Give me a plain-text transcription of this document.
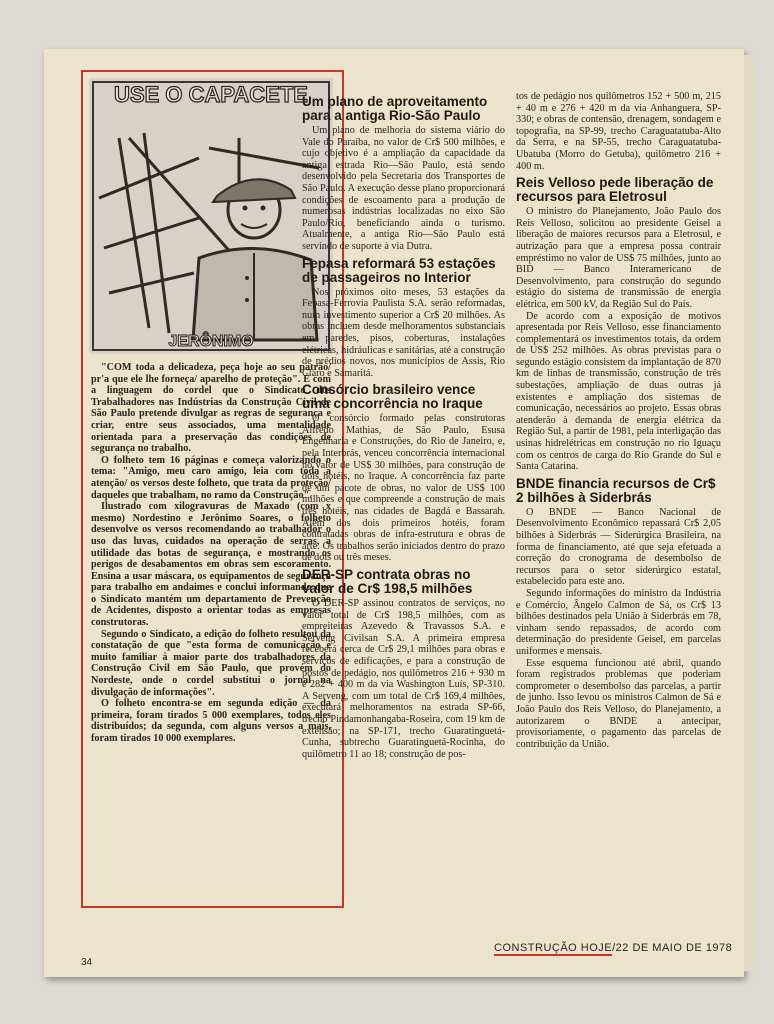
USE O CAPACETE
JERÔNIMO

"COM toda a delicadeza, peça hoje ao seu patrão/ pr'a que ele lhe forneça/ aparelho de proteção". É com a linguagem do cordel que o Sindicato dos Trabalhadores nas Indústrias da Construção Civil de São Paulo pretende divulgar as regras de segurança e criar, entre seus associados, uma mentalidade orientada para a preservação das condições de segurança no trabalho.

O folheto tem 16 páginas e começa valorizando o tema: "Amigo, meu caro amigo, leia com toda a atenção/ os versos deste folheto, que trata da proteção/ daqueles que trabalham, no ramo da Construção".

Ilustrado com xilogravuras de Maxado (com x mesmo) Nordestino e Jerônimo Soares, o folheto desenvolve os versos recomendando ao trabalhador o uso das luvas, cuidados na operação de serras, a utilidade das botas de segurança, e mostrando os perigos de desabamentos em obras sem escoramento. Ensina a usar máscara, os equipamentos de segurança para trabalho em andaimes e conclui informando que o Sindicato mantém um departamento de Prevenção de Acidentes, disposto a orientar todas as empresas construtoras.

Segundo o Sindicato, a edição do folheto resultou da constatação de que "esta forma de comunicação é muito familiar à maior parte dos trabalhadores da Construção Civil em São Paulo, que provém do Nordeste, onde o cordel substitui o jornal na divulgação de informações".

O folheto encontra-se em segunda edição — da primeira, foram tirados 5 000 exemplares, todos eles distribuídos; da segunda, com alguns versos a mais, foram tirados 10 000 exemplares.

Um plano de aproveitamento para a antiga Rio-São Paulo

Um plano de melhoria do sistema viário do Vale do Paraíba, no valor de Cr$ 500 milhões, e cujo objetivo é a ampliação da capacidade da antiga estrada Rio—São Paulo, está sendo desenvolvido pela Secretaria dos Transportes de São Paulo. A execução desse plano proporcionará condições de escoamento para a produção de numerosas indústrias localizadas no eixo São Paulo/Rio, beneficiando ainda o turismo. Atualmente, a antiga Rio—São Paulo está servindo de suporte à via Dutra.

Fepasa reformará 53 estações de passageiros no Interior

Nos próximos oito meses, 53 estações da Fepasa-Ferrovia Paulista S.A. serão reformadas, num investimento superior a Cr$ 20 milhões. As obras incluem desde melhoramentos substanciais em paredes, pisos, coberturas, instalações elétricas, hidráulicas e sanitárias, até a construção de prédios novos, nos municípios de Assis, Rio Claro e Samaritá.

Consórcio brasileiro vence uma concorrência no Iraque

O consórcio formado pelas construtoras Alfredo Mathias, de São Paulo, Esusa Engenharia e Construções, do Rio de Janeiro, e, pela Interbrás, venceu concorrência internacional no valor de US$ 30 milhões, para construção de dois hotéis, no Iraque. A concorrência faz parte de um pacote de obras, no valor de US$ 100 milhões e que compreende a construção de mais três hotéis, nas cidades de Bagdá e Bassarah. Além dos dois primeiros hotéis, foram contratadas obras de infra-estrutura e obras de arte. Os trabalhos serão iniciados dentro do prazo de dois ou três meses.

DER-SP contrata obras no valor de Cr$ 198,5 milhões

O DER-SP assinou contratos de serviços, no valor total de Cr$ 198,5 milhões, com as empreiteiras Azevedo & Travassos S.A. e Serveng Civilsan S.A. A primeira empresa receberá cerca de Cr$ 29,1 milhões para obras e serviços de edificações, e para a construção de postos de pedágio, nos quilômetros 216 + 930 m e 282 + 400 m da via Washington Luís, SP-310. A Serveng, com um total de Cr$ 169,4 milhões, executará melhoramentos na estrada SP-66, trecho Pindamonhangaba-Roseira, com 19 km de extensão; na SP-171, trecho Guaratinguetá-Cunha, subtrecho Guaratinguetá-Rocinha, do quilômetro 11 ao 18; construção de pos-

tos de pedágio nos quilômetros 152 + 500 m, 215 + 40 m e 276 + 420 m da via Anhanguera, SP-330; e obras de contensão, drenagem, sondagem e topografia, na SP-99, trecho Caraguatatuba-Alto da Serra, e na SP-55, trecho Caraguatatuba-Ubatuba (Morro do Getuba), quilômetro 216 + 400 m.

Reis Velloso pede liberação de recursos para Eletrosul

O ministro do Planejamento, João Paulo dos Reis Velloso, solicitou ao presidente Geisel a liberação de maiores recursos para a Eletrosul, e autrização para que a empresa possa contrair empréstimo no valor de US$ 75 milhões, junto ao BID — Banco Interamericano de Desenvolvimento, para construção do segundo estágio do sistema de transmissão de energia elétrica, em 500 kV, da Região Sul do País.

De acordo com a exposição de motivos apresentada por Reis Velloso, esse financiamento complementará os investimentos totais, da ordem de US$ 252 milhões. As obras previstas para o segundo estágio consistem da implantação de 870 km de linhas de transmissão, construção de três subestações, ampliação de duas outras já existentes e ampliação dos sistemas de comunicação, necessários ao projeto. Essas obras atenderão à demanda de energia elétrica da Região Sul, a partir de 1981, pela interligação das usinas hidrelétricas em construção no rio Iguaçu com os centros de carga do Rio Grande do Sul e Santa Catarina.

BNDE financia recursos de Cr$ 2 bilhões à Siderbrás

O BNDE — Banco Nacional de Desenvolvimento Econômico repassará Cr$ 2,05 bilhões à Siderbrás — Siderúrgica Brasileira, na forma de financiamento, até que seja efetuada a correção do cronograma de desembolso de recursos para o setor siderúrgico estatal, estabelecido para este ano.

Segundo informações do ministro da Indústria e Comércio, Ângelo Calmon de Sá, os Cr$ 13 bilhões destinados pela União à Siderbrás em 78, vinham sendo repassados, de acordo com determinação do presidente Geisel, em parcelas uniformes e mensais.

Esse esquema funcionou até abril, quando foram registrados problemas que poderiam comprometer o desembolso das parcelas, a partir de junho. Isso levou os ministros Calmon de Sá e João Paulo dos Reis Velloso, do Planejamento, a autorizarem o BNDE a antecipar, provisoriamente, o pagamento das parcelas de contribuição da União.

34
CONSTRUÇÃO HOJE/22 DE MAIO DE 1978
